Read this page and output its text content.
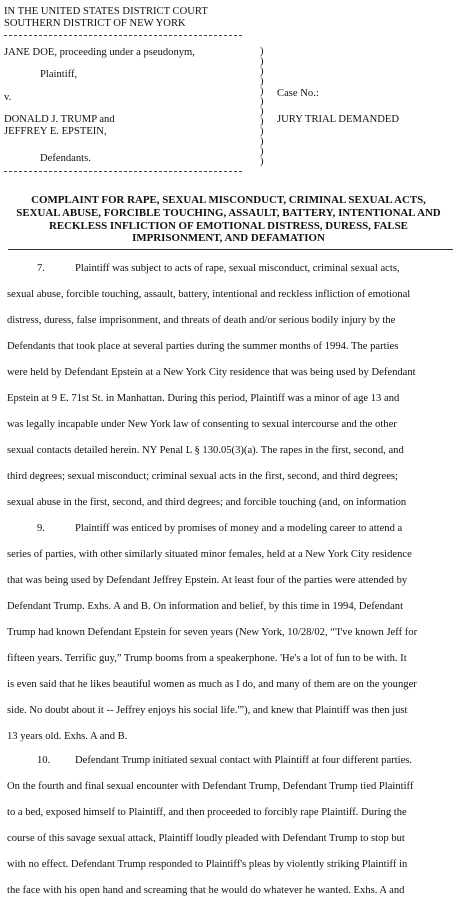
IN THE UNITED STATES DISTRICT COURT
SOUTHERN DISTRICT OF NEW YORK
JANE DOE, proceeding under a pseudonym,
Plaintiff,
v.
DONALD J. TRUMP and
JEFFREY E. EPSTEIN,
Defendants.
)
)
)
)
)
)
)
)
)
)
)
)
Case No.:
JURY TRIAL DEMANDED
COMPLAINT FOR RAPE, SEXUAL MISCONDUCT, CRIMINAL SEXUAL ACTS, SEXUAL ABUSE, FORCIBLE TOUCHING, ASSAULT, BATTERY, INTENTIONAL AND RECKLESS INFLICTION OF EMOTIONAL DISTRESS, DURESS, FALSE IMPRISONMENT, AND DEFAMATION
7.	Plaintiff was subject to acts of rape, sexual misconduct, criminal sexual acts,
sexual abuse, forcible touching, assault, battery, intentional and reckless infliction of emotional
distress, duress, false imprisonment, and threats of death and/or serious bodily injury by the
Defendants that took place at several parties during the summer months of 1994. The parties
were held by Defendant Epstein at a New York City residence that was being used by Defendant
Epstein at 9 E. 71st St. in Manhattan. During this period, Plaintiff was a minor of age 13 and
was legally incapable under New York law of consenting to sexual intercourse and the other
sexual contacts detailed herein. NY Penal L § 130.05(3)(a). The rapes in the first, second, and
third degrees; sexual misconduct; criminal sexual acts in the first, second, and third degrees;
sexual abuse in the first, second, and third degrees; and forcible touching (and, on information
9.	Plaintiff was enticed by promises of money and a modeling career to attend a
series of parties, with other similarly situated minor females, held at a New York City residence
that was being used by Defendant Jeffrey Epstein. At least four of the parties were attended by
Defendant Trump. Exhs. A and B. On information and belief, by this time in 1994, Defendant
Trump had known Defendant Epstein for seven years (New York, 10/28/02, “'I've known Jeff for
fifteen years. Terrific guy,” Trump booms from a speakerphone. 'He's a lot of fun to be with. It
is even said that he likes beautiful women as much as I do, and many of them are on the younger
side. No doubt about it -- Jeffrey enjoys his social life.'”), and knew that Plaintiff was then just
13 years old. Exhs. A and B.
10. Defendant Trump initiated sexual contact with Plaintiff at four different parties.
On the fourth and final sexual encounter with Defendant Trump, Defendant Trump tied Plaintiff
to a bed, exposed himself to Plaintiff, and then proceeded to forcibly rape Plaintiff. During the
course of this savage sexual attack, Plaintiff loudly pleaded with Defendant Trump to stop but
with no effect. Defendant Trump responded to Plaintiff's pleas by violently striking Plaintiff in
the face with his open hand and screaming that he would do whatever he wanted. Exhs. A and
